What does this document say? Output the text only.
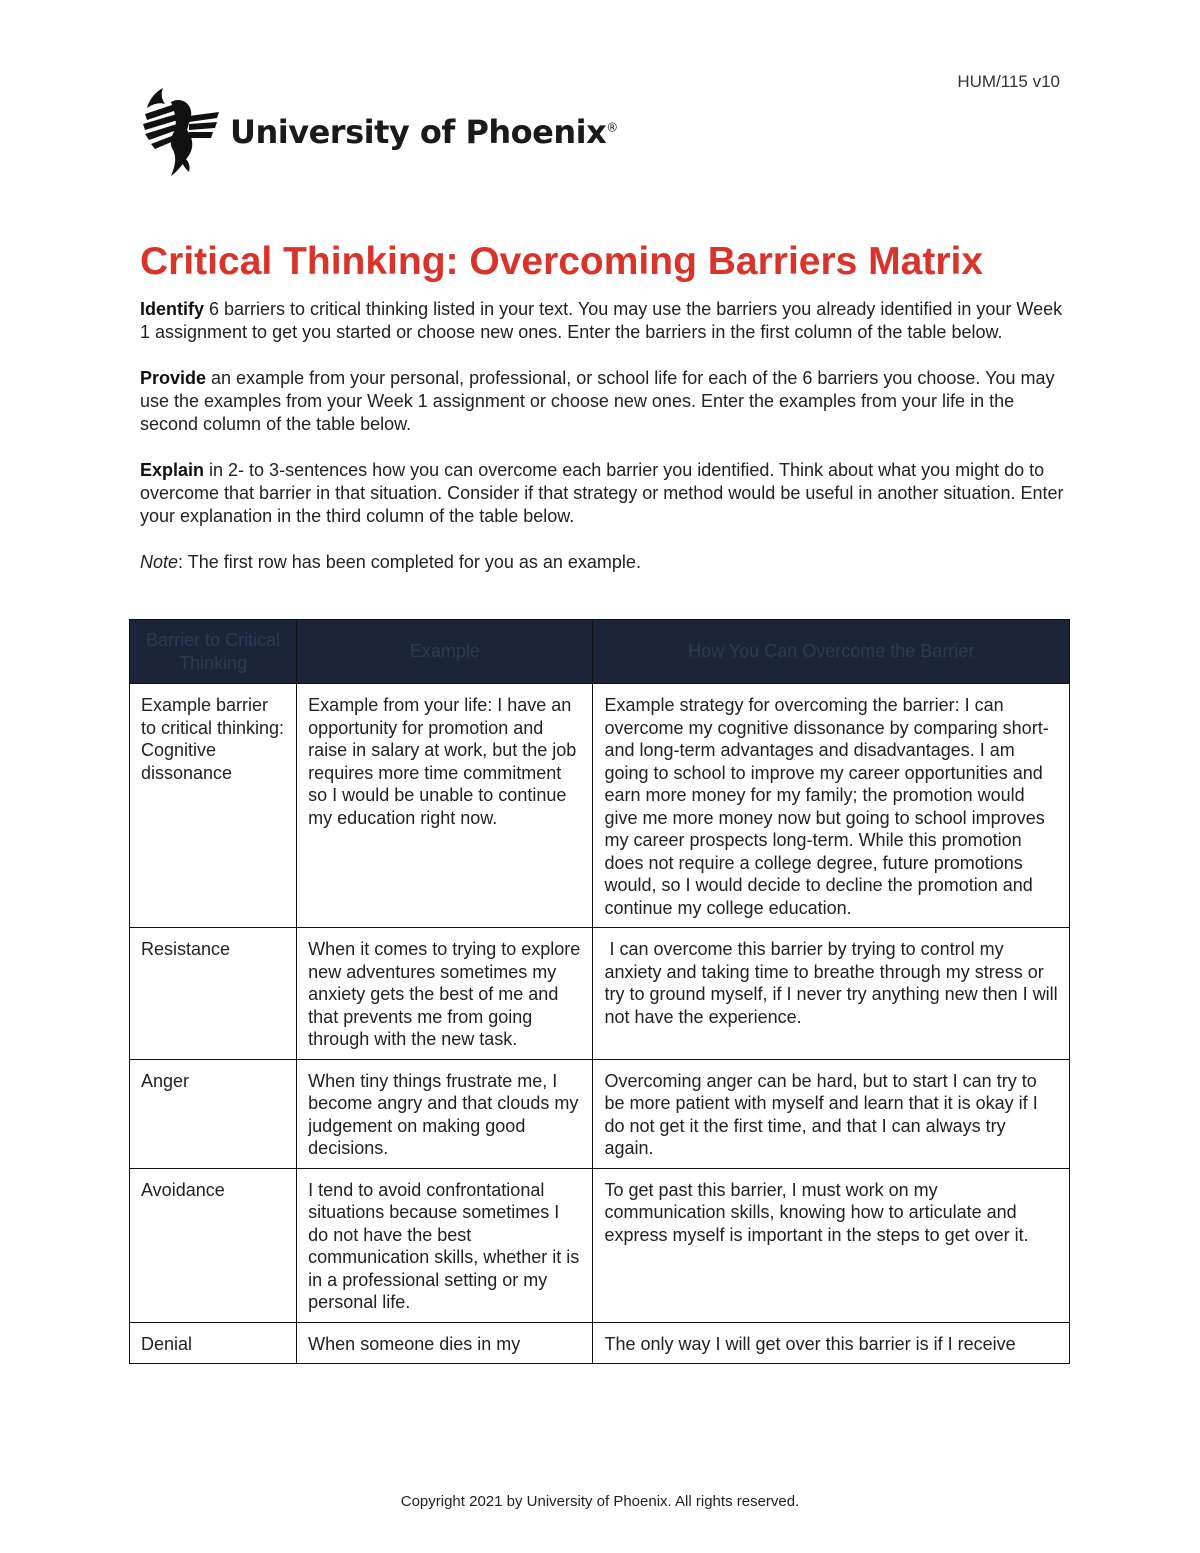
HUM/115 v10
University of Phoenix®
Critical Thinking: Overcoming Barriers Matrix

Identify 6 barriers to critical thinking listed in your text. You may use the barriers you already identified in your Week 1 assignment to get you started or choose new ones. Enter the barriers in the first column of the table below.

Provide an example from your personal, professional, or school life for each of the 6 barriers you choose. You may use the examples from your Week 1 assignment or choose new ones. Enter the examples from your life in the second column of the table below.

Explain in 2- to 3-sentences how you can overcome each barrier you identified. Think about what you might do to overcome that barrier in that situation. Consider if that strategy or method would be useful in another situation. Enter your explanation in the third column of the table below.

Note: The first row has been completed for you as an example.

Barrier to Critical Thinking	Example	How You Can Overcome the Barrier
Example barrier to critical thinking: Cognitive dissonance	Example from your life: I have an opportunity for promotion and raise in salary at work, but the job requires more time commitment so I would be unable to continue my education right now.	Example strategy for overcoming the barrier: I can overcome my cognitive dissonance by comparing short- and long-term advantages and disadvantages. I am going to school to improve my career opportunities and earn more money for my family; the promotion would give me more money now but going to school improves my career prospects long-term. While this promotion does not require a college degree, future promotions would, so I would decide to decline the promotion and continue my college education.
Resistance	When it comes to trying to explore new adventures sometimes my anxiety gets the best of me and that prevents me from going through with the new task.	I can overcome this barrier by trying to control my anxiety and taking time to breathe through my stress or try to ground myself, if I never try anything new then I will not have the experience.
Anger	When tiny things frustrate me, I become angry and that clouds my judgement on making good decisions.	Overcoming anger can be hard, but to start I can try to be more patient with myself and learn that it is okay if I do not get it the first time, and that I can always try again.
Avoidance	I tend to avoid confrontational situations because sometimes I do not have the best communication skills, whether it is in a professional setting or my personal life.	To get past this barrier, I must work on my communication skills, knowing how to articulate and express myself is important in the steps to get over it.
Denial	When someone dies in my	The only way I will get over this barrier is if I receive
Copyright 2021 by University of Phoenix. All rights reserved.
